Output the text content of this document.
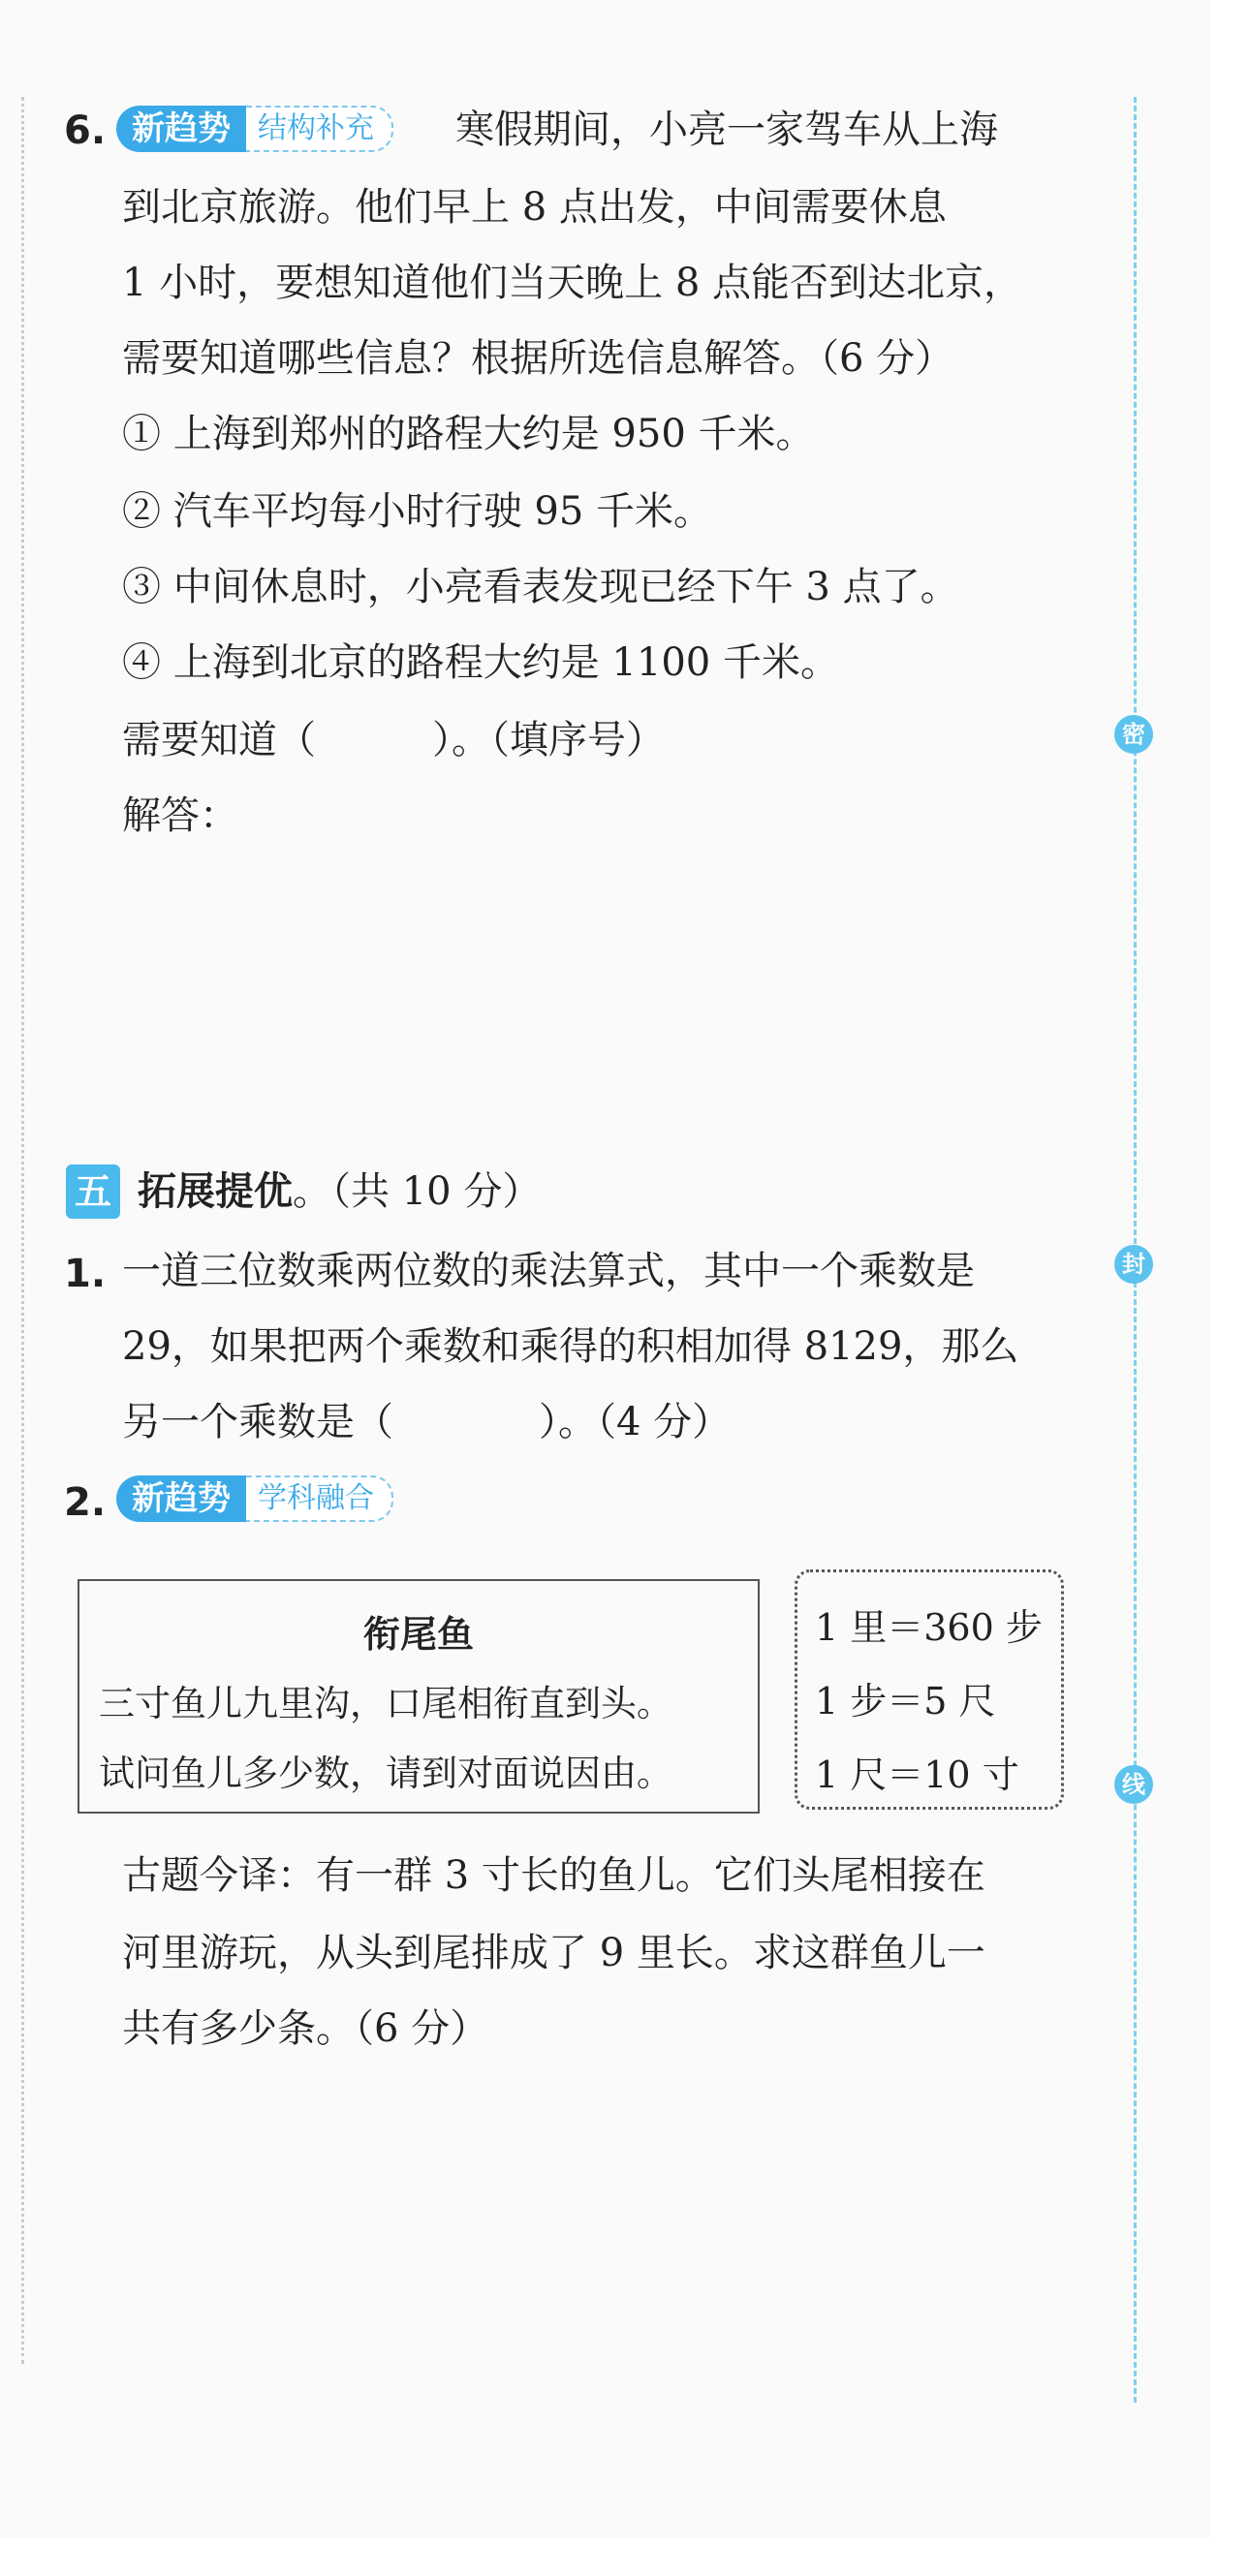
密
封
线
6. 新趋势 结构补充	寒假期间，小亮一家驾车从上海
到北京旅游。他们早上 8 点出发，中间需要休息
1 小时，要想知道他们当天晚上 8 点能否到达北京，
需要知道哪些信息？根据所选信息解答。（6 分）
① 上海到郑州的路程大约是 950 千米。
② 汽车平均每小时行驶 95 千米。
③ 中间休息时，小亮看表发现已经下午 3 点了。
④ 上海到北京的路程大约是 1100 千米。
需要知道（	）。（填序号）
解答：
五 拓展提优。（共 10 分）
1. 一道三位数乘两位数的乘法算式，其中一个乘数是
29，如果把两个乘数和乘得的积相加得 8129，那么
另一个乘数是（	）。（4 分）
2. 新趋势 学科融合
衔尾鱼
三寸鱼儿九里沟，口尾相衔直到头。
试问鱼儿多少数，请到对面说因由。
1 里＝360 步
1 步＝5 尺
1 尺＝10 寸
古题今译：有一群 3 寸长的鱼儿。它们头尾相接在
河里游玩，从头到尾排成了 9 里长。求这群鱼儿一
共有多少条。（6 分）
